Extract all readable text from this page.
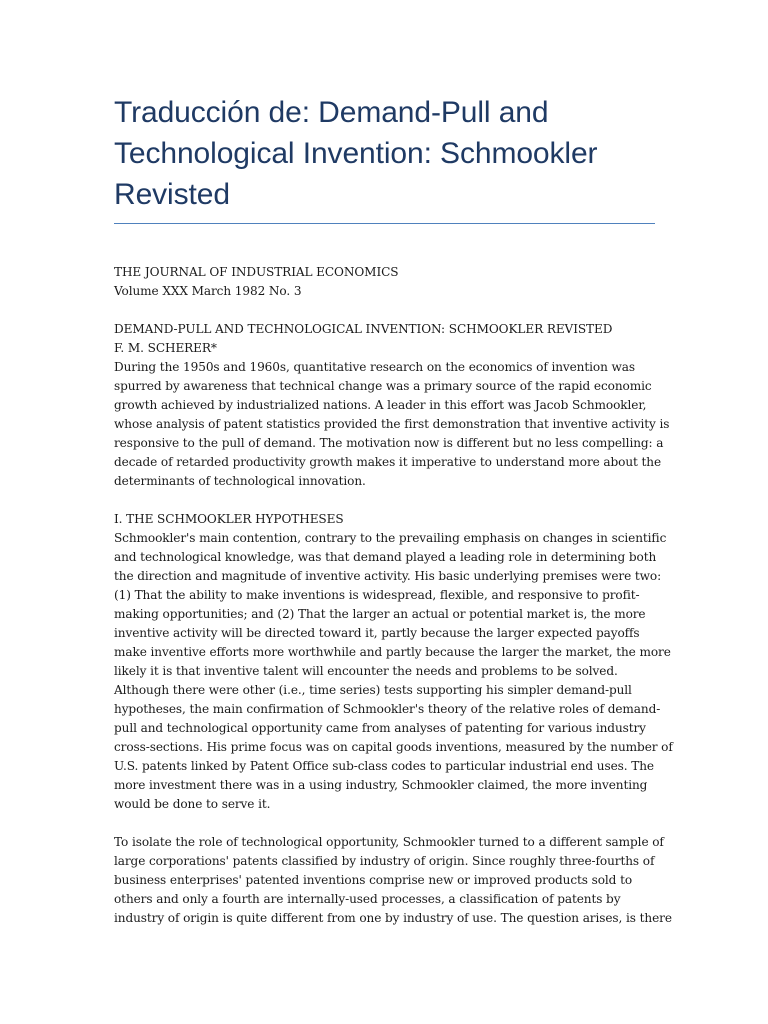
Traducción de: Demand-Pull and
Technological Invention: Schmookler
Revisted
THE JOURNAL OF INDUSTRIAL ECONOMICS
Volume XXX March 1982 No. 3
DEMAND-PULL AND TECHNOLOGICAL INVENTION: SCHMOOKLER REVISTED
F. M. SCHERER*
During the 1950s and 1960s, quantitative research on the economics of invention was
spurred by awareness that technical change was a primary source of the rapid economic
growth achieved by industrialized nations. A leader in this effort was Jacob Schmookler,
whose analysis of patent statistics provided the first demonstration that inventive activity is
responsive to the pull of demand. The motivation now is different but no less compelling: a
decade of retarded productivity growth makes it imperative to understand more about the
determinants of technological innovation.
I. THE SCHMOOKLER HYPOTHESES
Schmookler's main contention, contrary to the prevailing emphasis on changes in scientific
and technological knowledge, was that demand played a leading role in determining both
the direction and magnitude of inventive activity. His basic underlying premises were two:
(1) That the ability to make inventions is widespread, flexible, and responsive to profit-
making opportunities; and (2) That the larger an actual or potential market is, the more
inventive activity will be directed toward it, partly because the larger expected payoffs
make inventive efforts more worthwhile and partly because the larger the market, the more
likely it is that inventive talent will encounter the needs and problems to be solved.
Although there were other (i.e., time series) tests supporting his simpler demand-pull
hypotheses, the main confirmation of Schmookler's theory of the relative roles of demand-
pull and technological opportunity came from analyses of patenting for various industry
cross-sections. His prime focus was on capital goods inventions, measured by the number of
U.S. patents linked by Patent Office sub-class codes to particular industrial end uses. The
more investment there was in a using industry, Schmookler claimed, the more inventing
would be done to serve it.
To isolate the role of technological opportunity, Schmookler turned to a different sample of
large corporations' patents classified by industry of origin. Since roughly three-fourths of
business enterprises' patented inventions comprise new or improved products sold to
others and only a fourth are internally-used processes, a classification of patents by
industry of origin is quite different from one by industry of use. The question arises, is there
